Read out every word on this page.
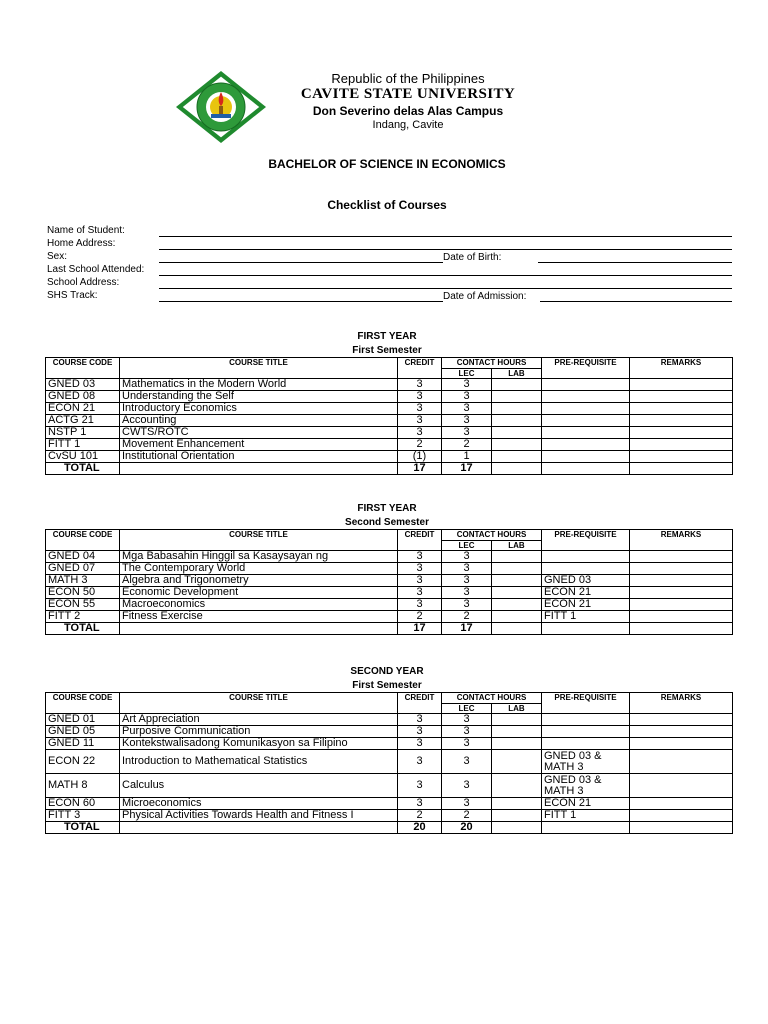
Republic of the Philippines
CAVITE STATE UNIVERSITY
Don Severino delas Alas Campus
Indang, Cavite
BACHELOR OF SCIENCE IN ECONOMICS
Checklist of Courses
Name of Student:
Home Address:
Sex:	Date of Birth:
Last School Attended:
School Address:
SHS Track:	Date of Admission:
FIRST YEAR
First Semester
COURSE CODE	COURSE TITLE	CREDIT	CONTACT HOURS		PRE-REQUISITE	REMARKS
			LEC	LAB		
GNED 03	Mathematics in the Modern World	3	3			
GNED 08	Understanding the Self	3	3			
ECON 21	Introductory Economics	3	3			
ACTG 21	Accounting	3	3			
NSTP 1	CWTS/ROTC	3	3			
FITT 1	Movement Enhancement	2	2			
CvSU 101	Institutional Orientation	(1)	1			
TOTAL		17	17			
FIRST YEAR
Second Semester
COURSE CODE	COURSE TITLE	CREDIT	CONTACT HOURS		PRE-REQUISITE	REMARKS
			LEC	LAB		
GNED 04	Mga Babasahin Hinggil sa Kasaysayan ng	3	3			
GNED 07	The Contemporary World	3	3			
MATH 3	Algebra and Trigonometry	3	3		GNED 03	
ECON 50	Economic Development	3	3		ECON 21	
ECON 55	Macroeconomics	3	3		ECON 21	
FITT 2	Fitness Exercise	2	2		FITT 1	
TOTAL		17	17			
SECOND YEAR
First Semester
COURSE CODE	COURSE TITLE	CREDIT	CONTACT HOURS		PRE-REQUISITE	REMARKS
			LEC	LAB		
GNED 01	Art Appreciation	3	3			
GNED 05	Purposive Communication	3	3			
GNED 11	Kontekstwalisadong Komunikasyon sa Filipino	3	3			
ECON 22	Introduction to Mathematical Statistics	3	3		GNED 03 & MATH 3	
MATH 8	Calculus	3	3		GNED 03 & MATH 3	
ECON 60	Microeconomics	3	3		ECON 21	
FITT 3	Physical Activities Towards Health and Fitness I	2	2		FITT 1	
TOTAL		20	20			
